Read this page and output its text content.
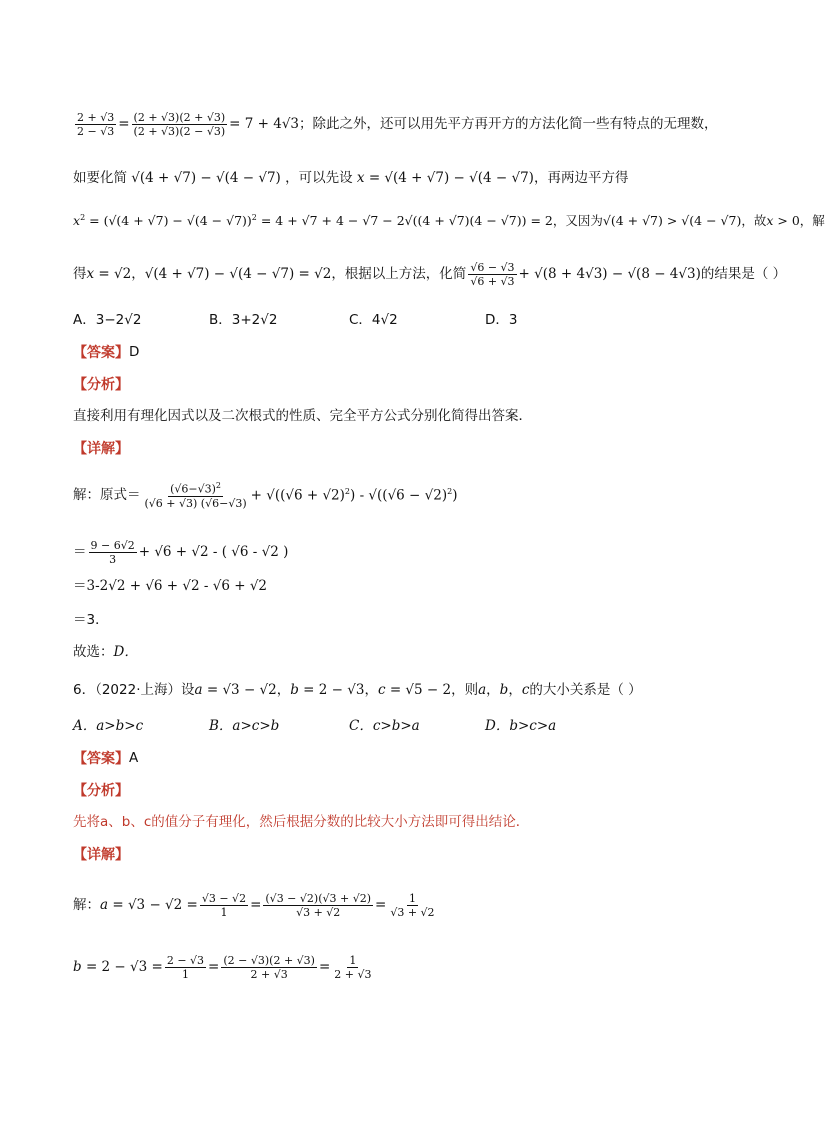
$\frac{2 + √3}{2 - √3} = \frac{(2 + √3)(2 + √3)}{(2 + √3)(2 - √3)} = 7 + 4√3$ ；除此之外，还可以用先平方再开方的方法化简一些有特点的无理数，
如要化简 √(4 + √7) − √(4 − √7) ，可以先设 x = √(4 + √7) − √(4 − √7) ，再两边平方得
$x^2 = (√(4 + √7) - √(4 - √7))^2 = 4 + √7 + 4 - √7 - 2√((4 + √7)(4 - √7)) = 2$ ，又因为 √(4 + √7) > √(4 − √7) ，故 x > 0 ，解
得 x = √2，√(4 + √7) − √(4 − √7) = √2 ，根据以上方法，化简 $\frac{√6 - √3}{√6 + √3} + √(8 + 4√3) - √(8 - 4√3)$ 的结果是（ ）
A．3−2√2	B．3+2√2	C．4√2	D．3
【答案】 D
【分析】
直接利用有理化因式以及二次根式的性质、完全平方公式分别化简得出答案．
【详解】
解：原式＝ $\frac{(√6-√3)^2}{(√6 + √3) (√6-√3)} + √((√6 + √2)^2) - √((√6 - √2)^2)$
＝ $\frac{9 - 6√2}{3} + √6 + √2$ - ( √6 - √2 )
＝ 3-2√2 + √6 + √2 - √6 + √2
＝3．
故选： D．
6．（2022·上海）设 a = √3 − √2 ， b = 2 − √3 ， c = √5 − 2 ，则 a，b，c 的大小关系是（ ）
A．a>b>c	B．a>c>b	C．c>b>a	D．b>c>a
【答案】 A
【分析】
先将a、b、c的值分子有理化，然后根据分数的比较大小方法即可得出结论．
【详解】
解： $a = √3 - √2 = \frac{√3 - √2}{1} = \frac{(√3 - √2)(√3 + √2)}{√3 + √2} = \frac{1}{√3 + √2}$
$b = 2 - √3 = \frac{2 - √3}{1} = \frac{(2 - √3)(2 + √3)}{2 + √3} = \frac{1}{2 + √3}$
